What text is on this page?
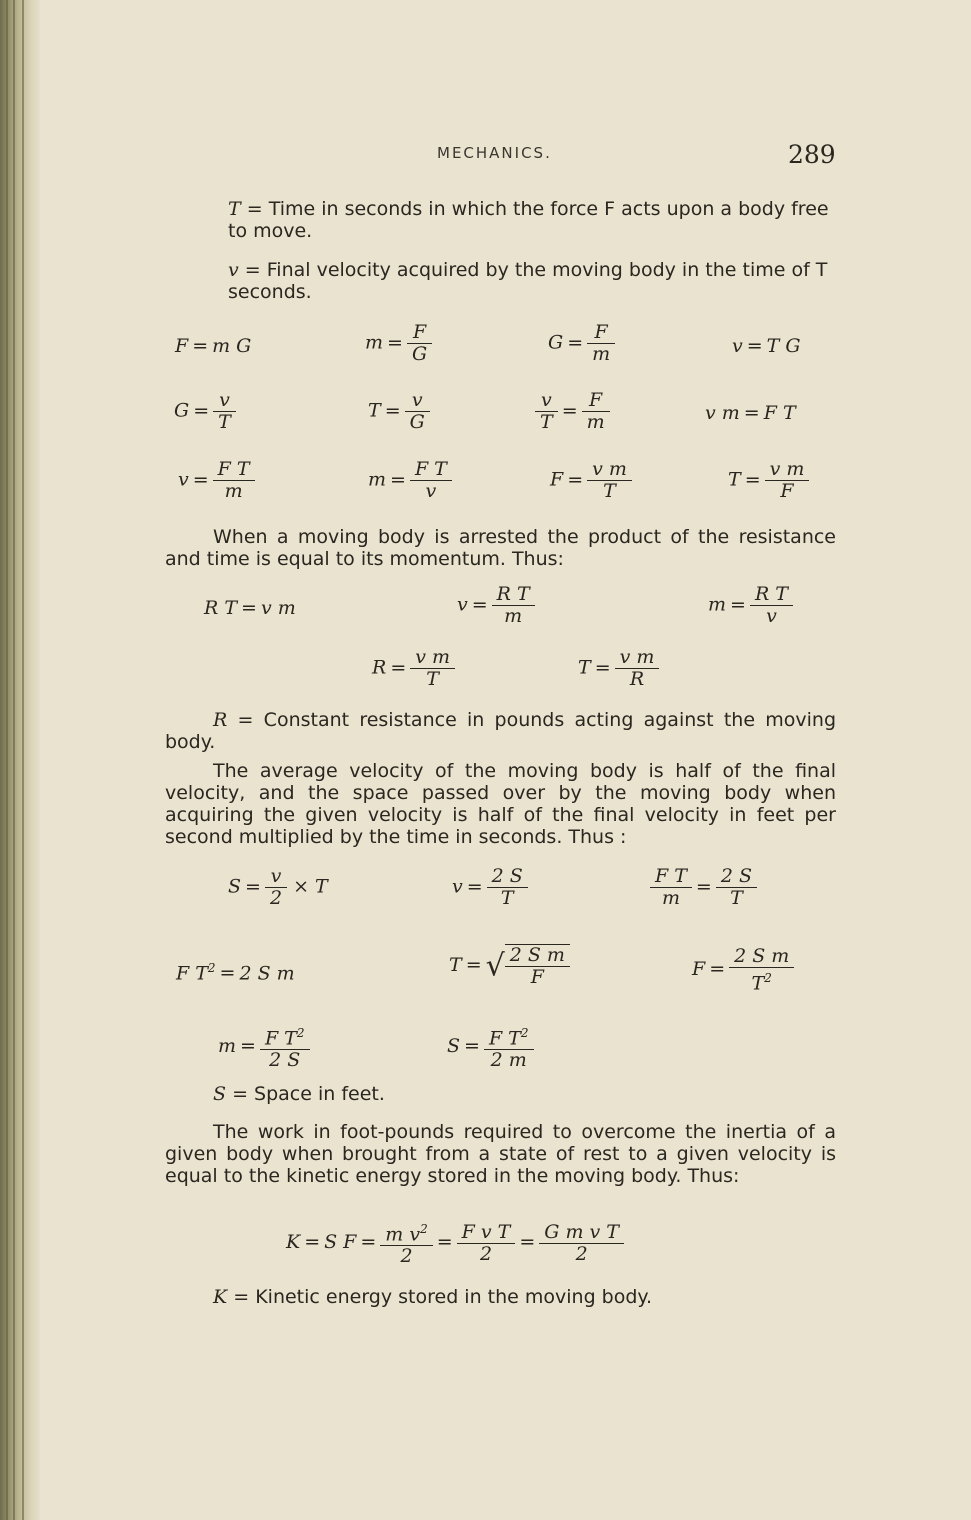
MECHANICS.	289
T = Time in seconds in which the force F acts upon a body free to move.
v = Final velocity acquired by the moving body in the time of T seconds.
F = m G	$m = \frac{F}{G}$	$G = \frac{F}{m}$	v = T G
$G = \frac{v}{T}$	$T = \frac{v}{G}$	$\frac{v}{T} = \frac{F}{m}$	v m = F T
$v = \frac{\text{F T}}{m}$	$m = \frac{\text{F T}}{v}$	$F = \frac{\text{v m}}{T}$	$T = \frac{\text{v m}}{F}$
When a moving body is arrested the product of the resistance and time is equal to its momentum. Thus:
R T = v m	$v = \frac{\text{R T}}{m}$	$m = \frac{\text{R T}}{v}$
$R = \frac{\text{v m}}{T}$	$T = \frac{\text{v m}}{R}$
R = Constant resistance in pounds acting against the moving body.
The average velocity of the moving body is half of the final velocity, and the space passed over by the moving body when acquiring the given velocity is half of the final velocity in feet per second multiplied by the time in seconds. Thus :
$S = \frac{v}{2} \times T$	$v = \frac{2 S}{T}$	$\frac{\text{F T}}{m} = \frac{2 S}{T}$
F $T^2 = 2$ S m	T = √ $\frac{\text{2 S m}}{F}$	$F = \frac{\text{2 S m}}{T^2}$
$m = \frac{F T^2}{2 S}$	$S = \frac{F T^2}{2 m}$
S = Space in feet.
The work in foot-pounds required to overcome the inertia of a given body when brought from a state of rest to a given velocity is equal to the kinetic energy stored in the moving body. Thus:
K = S $F = \frac{m v^2}{2} = \frac{\text{F v T}}{2} = \frac{\text{G m v T}}{2}$
K = Kinetic energy stored in the moving body.
